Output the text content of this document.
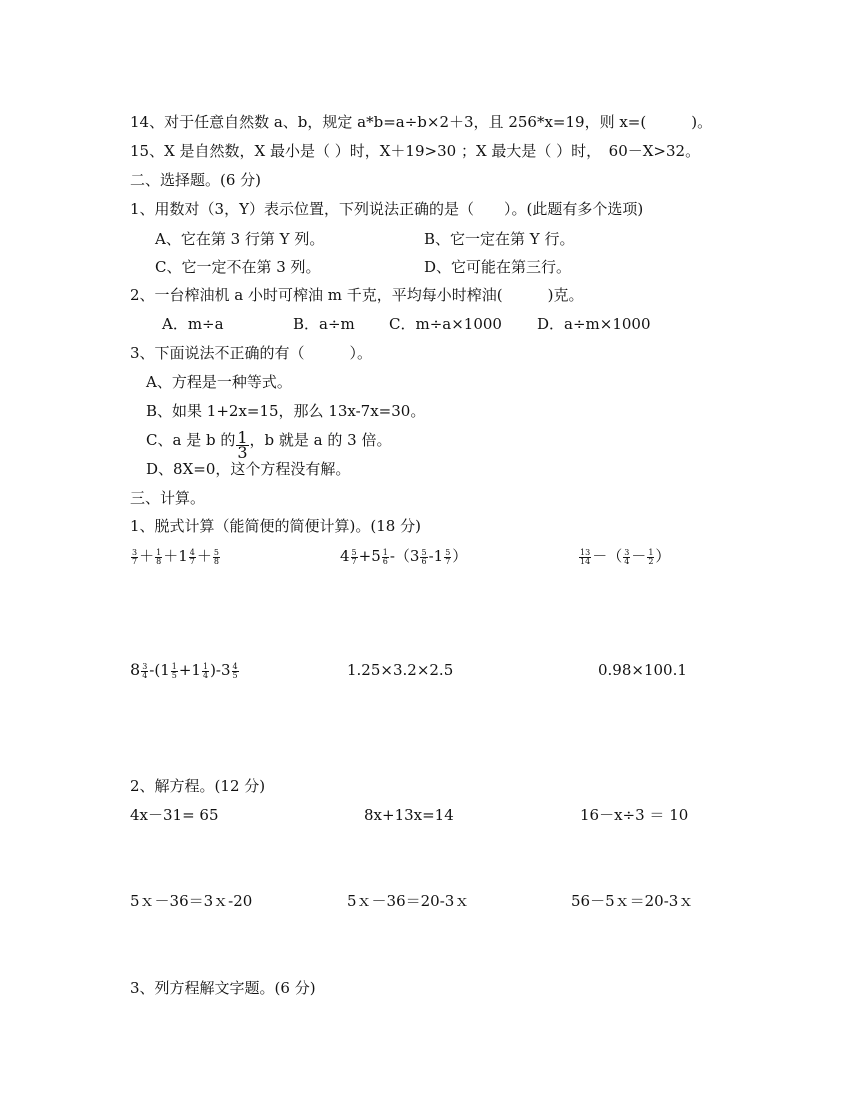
14、对于任意自然数 a、b，规定 a*b=a÷b×2＋3，且 256*x=19，则 x=(　　　)。
15、X 是自然数，X 最小是（ ）时，X＋19>30 ；X 最大是（ ）时，　60－X>32。
二、选择题。(6 分)
1、用数对（3，Y）表示位置，下列说法正确的是（　　）。(此题有多个选项)
A、它在第 3 行第 Y 列。	B、它一定在第 Y 行。
C、它一定不在第 3 列。	D、它可能在第三行。
2、一台榨油机 a 小时可榨油 m 千克，平均每小时榨油(　　　)克。
A．m÷a	B．a÷m C．m÷a×1000 D．a÷m×1000
3、下面说法不正确的有（　　　）。
A、方程是一种等式。
B、如果 1+2x=15，那么 13x-7x=30。
C、a 是 b 的 $\frac{1}{3}$ ，b 就是 a 的 3 倍。
D、8X=0，这个方程没有解。
三、计算。
1、脱式计算（能简便的简便计算)。(18 分)
$\frac{3}{7} + \frac{1}{8} +1 \frac{4}{7} + \frac{5}{8}$	$4 \frac{5}{7} +5 \frac{1}{6} -(3 \frac{5}{6} -1 \frac{5}{7}$ ）	$\frac{13}{14}$ －（ $\frac{3}{4} - \frac{1}{2}$ ）
$8 \frac{3}{4} -(1 \frac{1}{5} +1 \frac{1}{4} )-3 \frac{4}{5}$	1.25×3.2×2.5	0.98×100.1
2、解方程。(12 分)
4x－31= 65	8x+13x=14	16－x÷3 ＝ 10
5ｘ－36＝3ｘ-20	5ｘ－36＝20-3ｘ	56－5ｘ＝20-3ｘ
3、列方程解文字题。(6 分)
